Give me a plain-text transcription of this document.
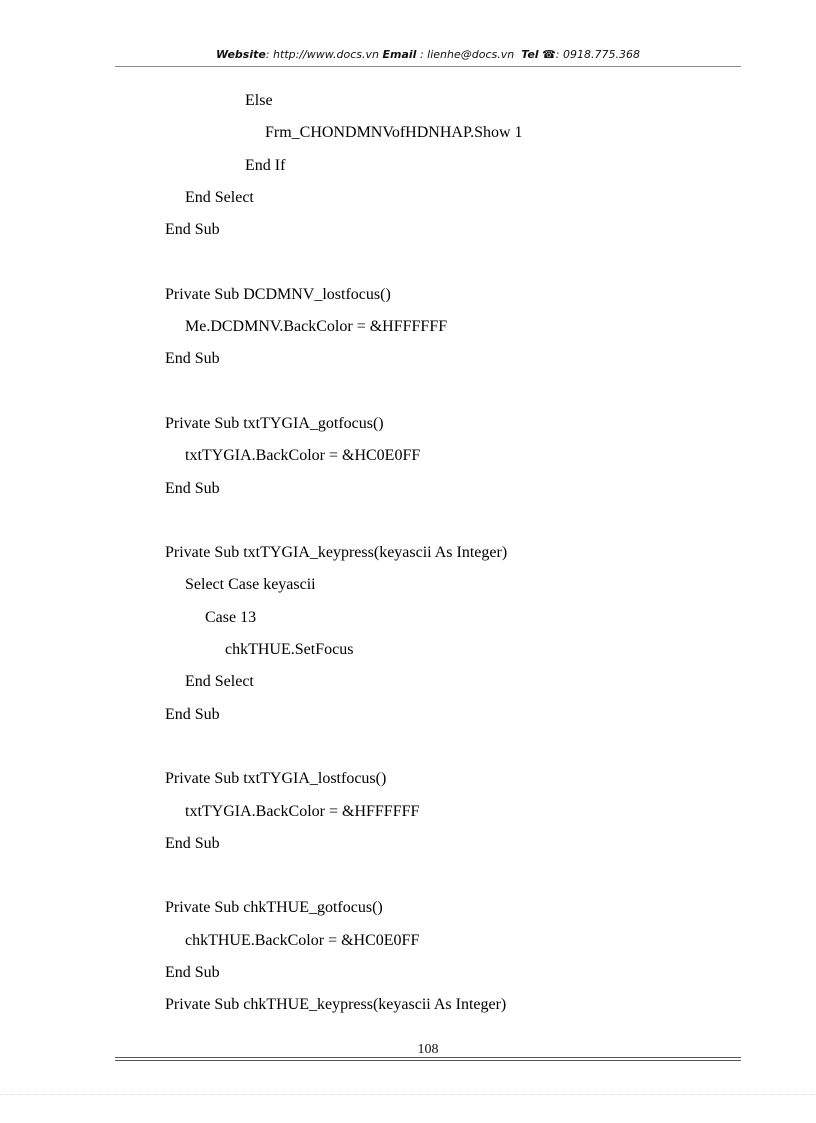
Website: http://www.docs.vn Email : lienhe@docs.vn Tel ☎: 0918.775.368
Else
Frm_CHONDMNVofHDNHAP.Show 1
End If
End Select
End Sub
Private Sub DCDMNV_lostfocus()
Me.DCDMNV.BackColor = &HFFFFFF
End Sub
Private Sub txtTYGIA_gotfocus()
txtTYGIA.BackColor = &HC0E0FF
End Sub
Private Sub txtTYGIA_keypress(keyascii As Integer)
Select Case keyascii
Case 13
chkTHUE.SetFocus
End Select
End Sub
Private Sub txtTYGIA_lostfocus()
txtTYGIA.BackColor = &HFFFFFF
End Sub
Private Sub chkTHUE_gotfocus()
chkTHUE.BackColor = &HC0E0FF
End Sub
Private Sub chkTHUE_keypress(keyascii As Integer)
108
